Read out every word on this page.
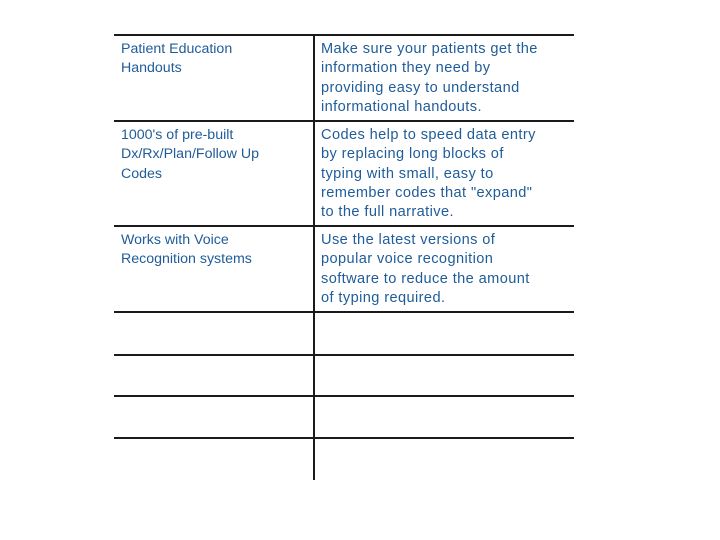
Patient Education
Handouts
Make sure your patients get the
information they need by
providing easy to understand
informational handouts.
1000's of pre-built
Dx/Rx/Plan/Follow Up
Codes
Codes help to speed data entry
by replacing long blocks of
typing with small, easy to
remember codes that "expand"
to the full narrative.
Works with Voice
Recognition systems
Use the latest versions of
popular voice recognition
software to reduce the amount
of typing required.
